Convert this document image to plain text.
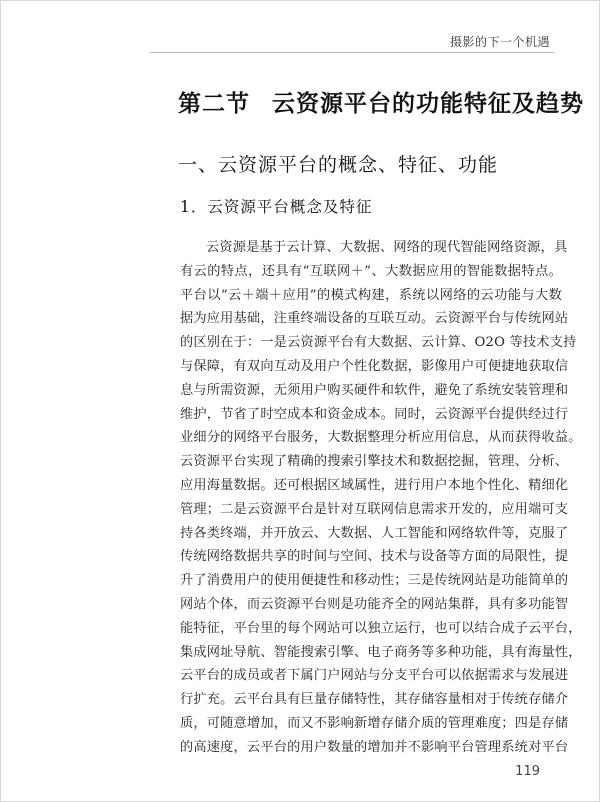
摄影的下一个机遇
第二节 云资源平台的功能特征及趋势
一、云资源平台的概念、特征、功能
1．云资源平台概念及特征
云资源是基于云计算、大数据、网络的现代智能网络资源，具
有云的特点，还具有“互联网＋”、大数据应用的智能数据特点。
平台以“云＋端＋应用”的模式构建，系统以网络的云功能与大数
据为应用基础，注重终端设备的互联互动。云资源平台与传统网站
的区别在于：一是云资源平台有大数据、云计算、O2O 等技术支持
与保障，有双向互动及用户个性化数据，影像用户可便捷地获取信
息与所需资源，无须用户购买硬件和软件，避免了系统安装管理和
维护，节省了时空成本和资金成本。同时，云资源平台提供经过行
业细分的网络平台服务，大数据整理分析应用信息，从而获得收益。
云资源平台实现了精确的搜索引擎技术和数据挖掘，管理、分析、
应用海量数据。还可根据区域属性，进行用户本地个性化、精细化
管理；二是云资源平台是针对互联网信息需求开发的，应用端可支
持各类终端，并开放云、大数据、人工智能和网络软件等，克服了
传统网络数据共享的时间与空间、技术与设备等方面的局限性，提
升了消费用户的使用便捷性和移动性；三是传统网站是功能简单的
网站个体，而云资源平台则是功能齐全的网站集群，具有多功能智
能特征，平台里的每个网站可以独立运行，也可以结合成子云平台，
集成网址导航、智能搜索引擎、电子商务等多种功能，具有海量性，
云平台的成员或者下属门户网站与分支平台可以依据需求与发展进
行扩充。云平台具有巨量存储特性，其存储容量相对于传统存储介
质，可随意增加，而又不影响新增存储介质的管理难度；四是存储
的高速度，云平台的用户数量的增加并不影响平台管理系统对平台
119
